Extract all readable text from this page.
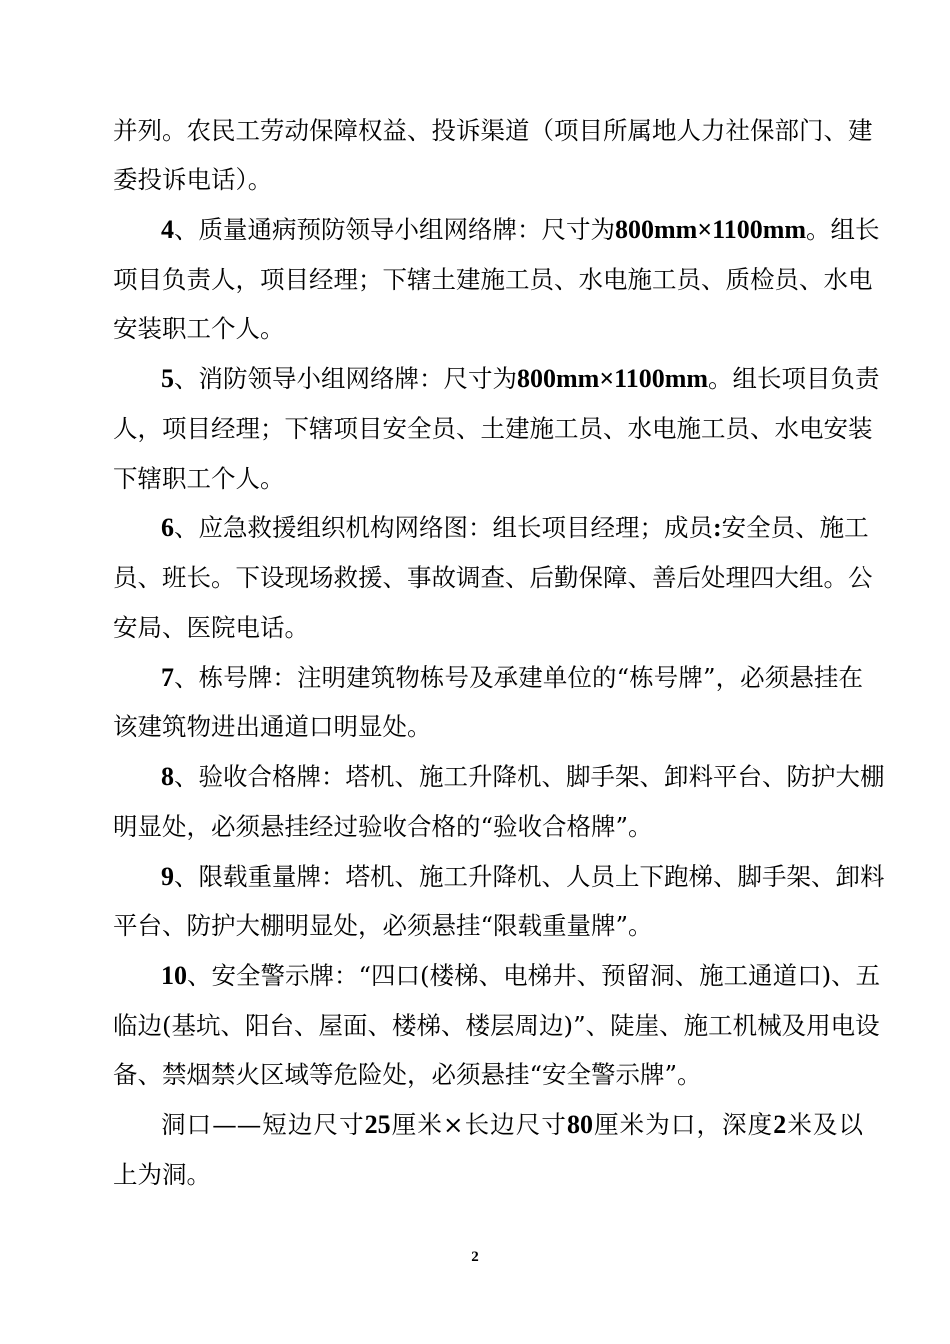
并列。农民工劳动保障权益、投诉渠道（项目所属地人力社保部门、建
委投诉电话）。
4、质量通病预防领导小组网络牌：尺寸为800mm×1100mm。组长
项目负责人，项目经理；下辖土建施工员、水电施工员、质检员、水电
安装职工个人。
5、消防领导小组网络牌：尺寸为800mm×1100mm。组长项目负责
人，项目经理；下辖项目安全员、土建施工员、水电施工员、水电安装
下辖职工个人。
6、应急救援组织机构网络图：组长项目经理；成员:安全员、施工
员、班长。下设现场救援、事故调查、后勤保障、善后处理四大组。公
安局、医院电话。
7、栋号牌：注明建筑物栋号及承建单位的“栋号牌”，必须悬挂在
该建筑物进出通道口明显处。
8、验收合格牌：塔机、施工升降机、脚手架、卸料平台、防护大棚
明显处，必须悬挂经过验收合格的“验收合格牌”。
9、限载重量牌：塔机、施工升降机、人员上下跑梯、脚手架、卸料
平台、防护大棚明显处，必须悬挂“限载重量牌”。
10、安全警示牌：“四口(楼梯、电梯井、预留洞、施工通道口)、五
临边(基坑、阳台、屋面、楼梯、楼层周边)”、陡崖、施工机械及用电设
备、禁烟禁火区域等危险处，必须悬挂“安全警示牌”。
洞口——短边尺寸25厘米×长边尺寸80厘米为口，深度2米及以
上为洞。
2
